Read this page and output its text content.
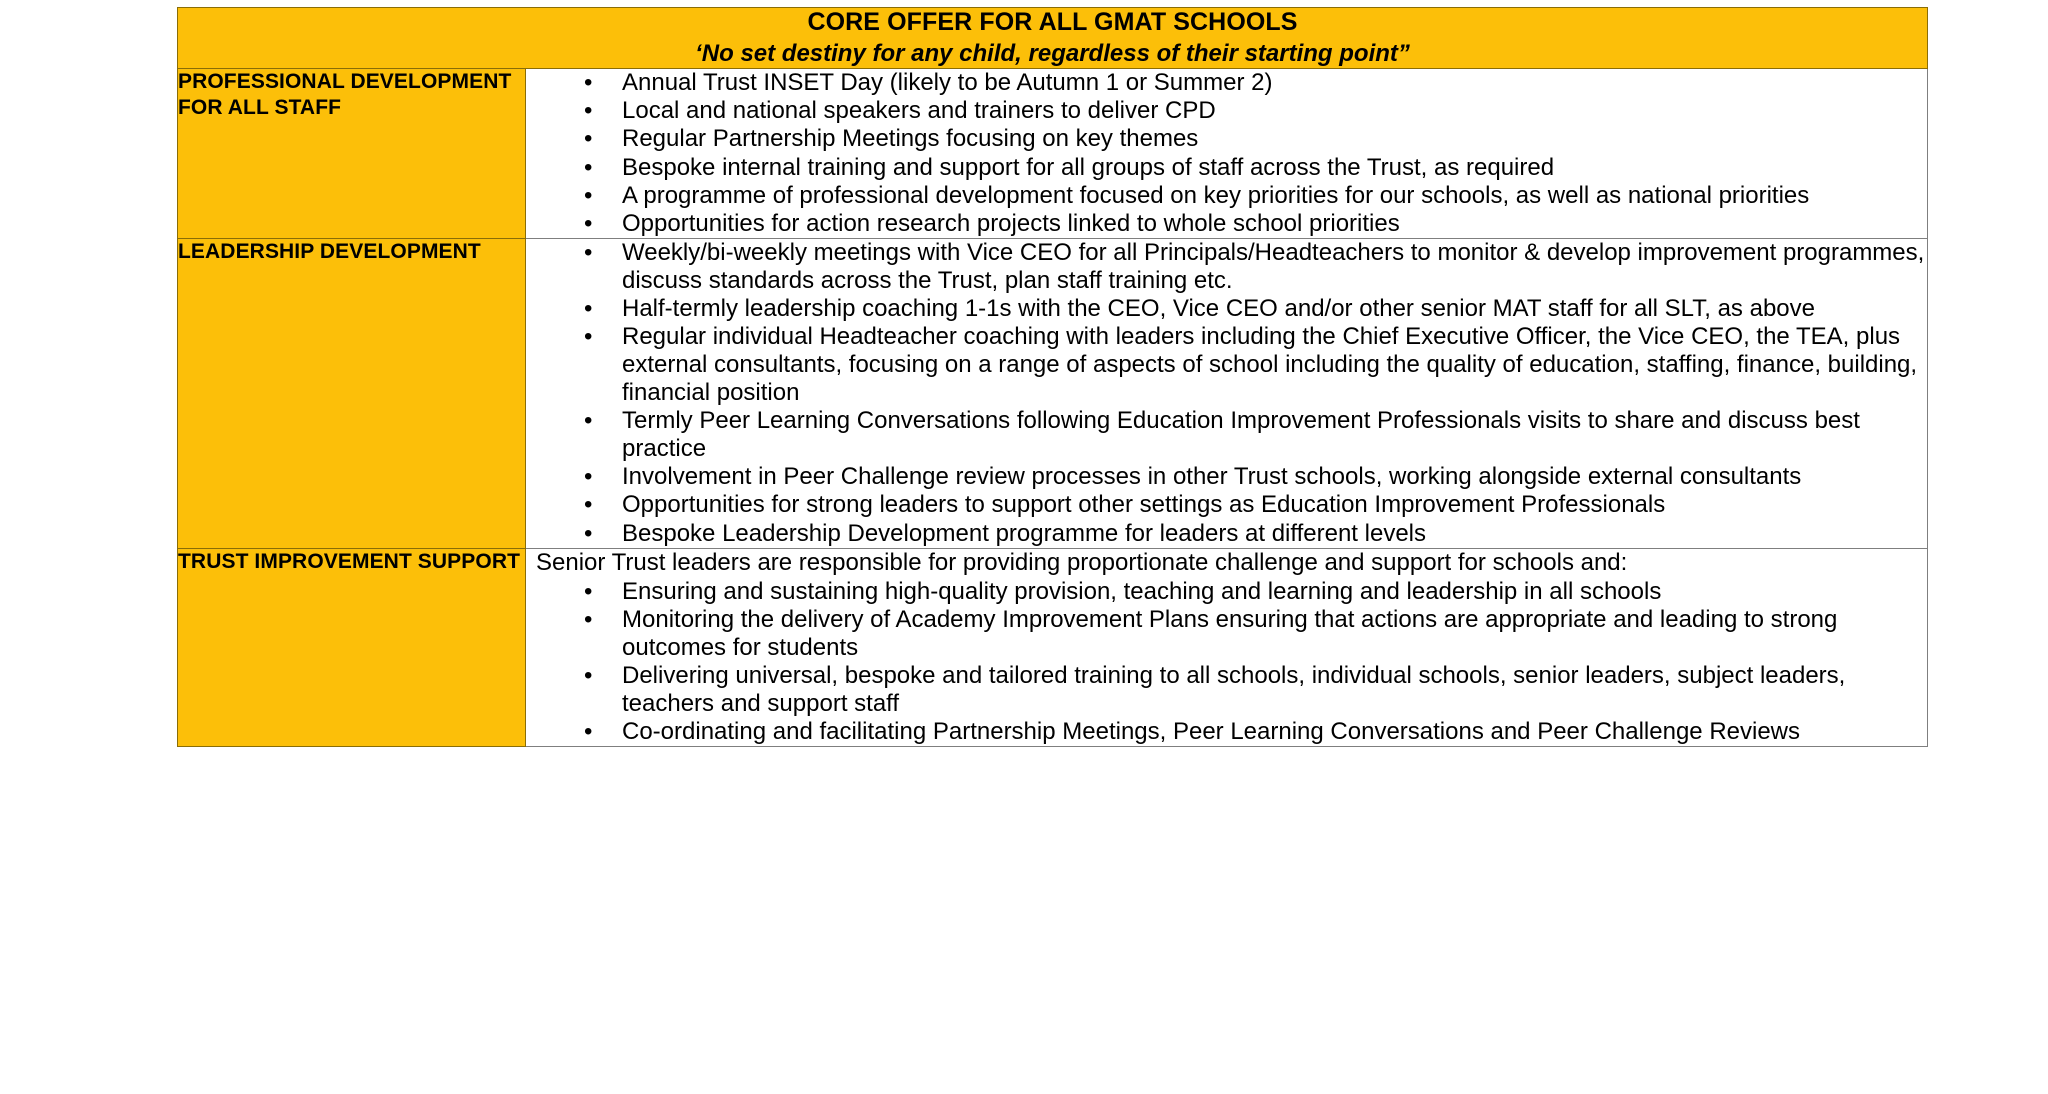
CORE OFFER FOR ALL GMAT SCHOOLS
‘No set destiny for any child, regardless of their starting point”	

PROFESSIONAL DEVELOPMENT FOR ALL STAFF

• Annual Trust INSET Day (likely to be Autumn 1 or Summer 2)
• Local and national speakers and trainers to deliver CPD
• Regular Partnership Meetings focusing on key themes
• Bespoke internal training and support for all groups of staff across the Trust, as required
• A programme of professional development focused on key priorities for our schools, as well as national priorities
• Opportunities for action research projects linked to whole school priorities

LEADERSHIP DEVELOPMENT

•Weekly/bi-weekly meetings with Vice CEO for all Principals/Headteachers to monitor & develop improvement programmes, discuss standards across the Trust, plan staff training etc.
• Half-termly leadership coaching 1-1s with the CEO, Vice CEO and/or other senior MAT staff for all SLT, as above
• Regular individual Headteacher coaching with leaders including the Chief Executive Officer, the Vice CEO, the TEA, plus external consultants, focusing on a range of aspects of school including the quality of education, staffing, finance, building, financial position
• Termly Peer Learning Conversations following Education Improvement Professionals visits to share and discuss best practice
• Involvement in Peer Challenge review processes in other Trust schools, working alongside external consultants
• Opportunities for strong leaders to support other settings as Education Improvement Professionals
• Bespoke Leadership Development programme for leaders at different levels

TRUST IMPROVEMENT SUPPORT	Senior Trust leaders are responsible for providing proportionate challenge and support for schools and:

• Ensuring and sustaining high-quality provision, teaching and learning and leadership in all schools
• Monitoring the delivery of Academy Improvement Plans ensuring that actions are appropriate and leading to strong outcomes for students
• Delivering universal, bespoke and tailored training to all schools, individual schools, senior leaders, subject leaders, teachers and support staff
• Co-ordinating and facilitating Partnership Meetings, Peer Learning Conversations and Peer Challenge Reviews
